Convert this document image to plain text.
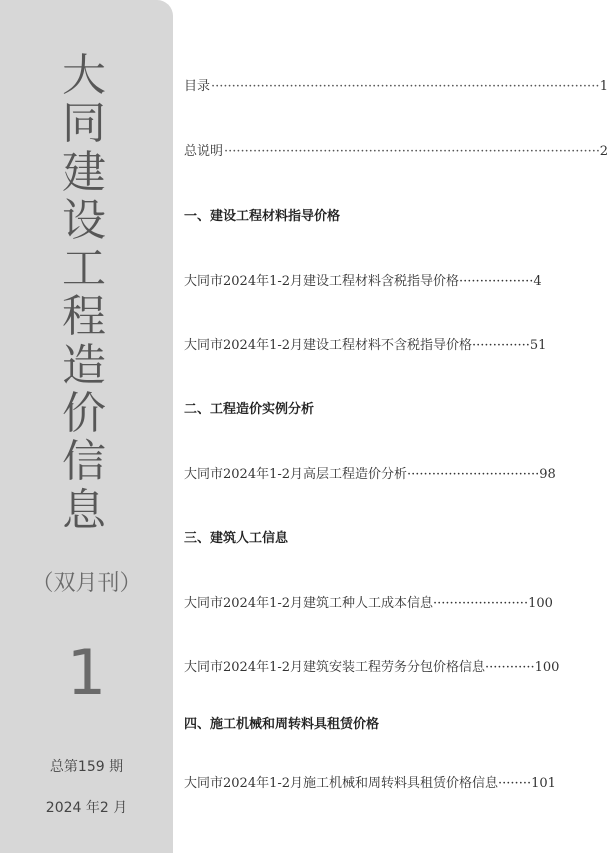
大
同
建
设
工
程
造
价
信
息
（双月刊）
1
总第159 期
2024 年2 月
目录 ·····	1
总说明 ·····	2
一、建设工程材料指导价格
大同市2024年1-2月建设工程材料含税指导价格 ·················· 4
大同市2024年1-2月建设工程材料不含税指导价格 ·············· 51
二、工程造价实例分析
大同市2024年1-2月高层工程造价分析 ································ 98
三、建筑人工信息
大同市2024年1-2月建筑工种人工成本信息 ······················· 100
大同市2024年1-2月建筑安装工程劳务分包价格信息 ············ 100
四、施工机械和周转料具租赁价格
大同市2024年1-2月施工机械和周转料具租赁价格信息 ········ 101
